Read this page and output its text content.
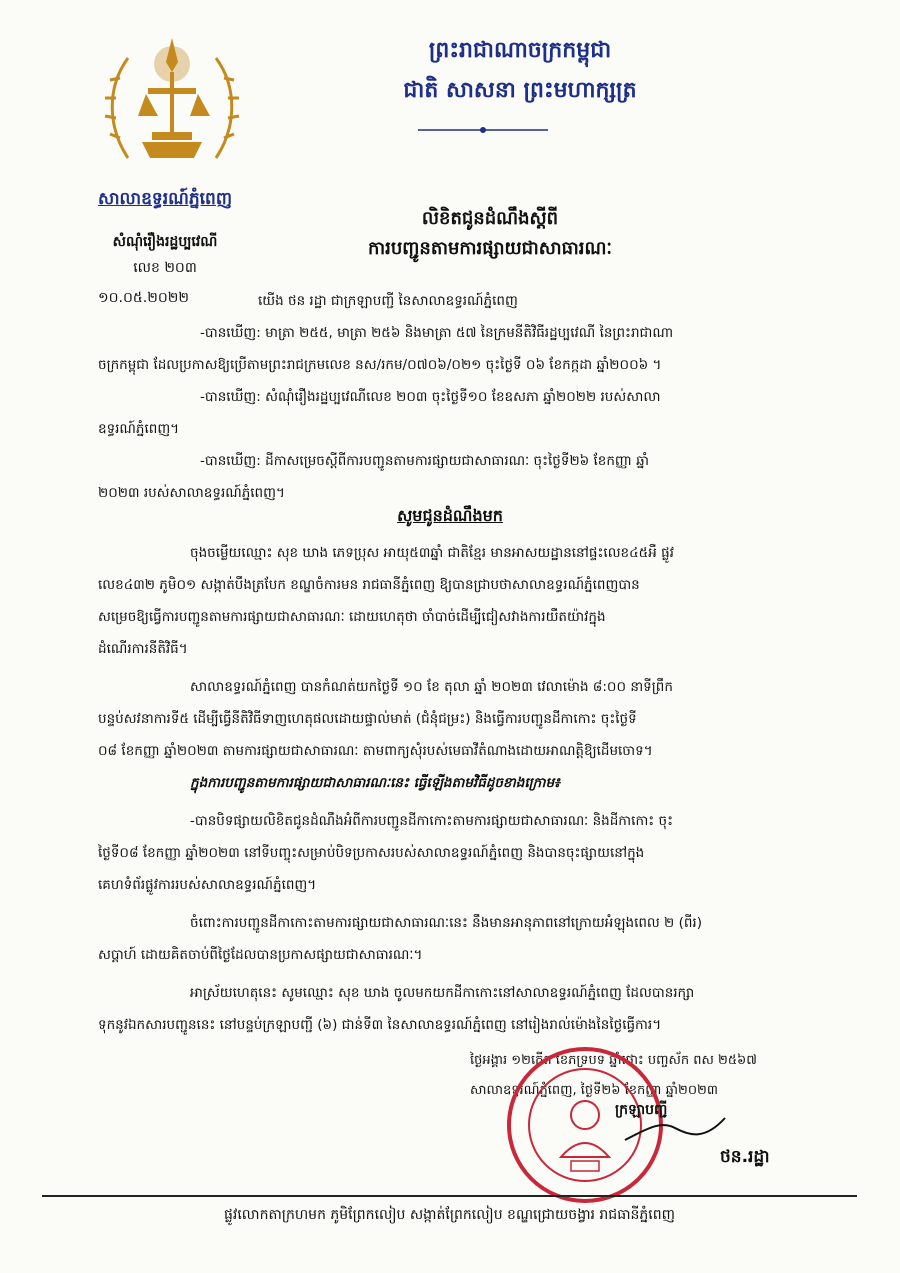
ព្រះរាជាណាចក្រកម្ពុជា
ជាតិ សាសនា ព្រះមហាក្សត្រ
សាលាឧទ្ធរណ៍ភ្នំពេញ
សំណុំរឿងរដ្ឋប្បវេណី
លេខ ២០៣
១០.០៥.២០២២
លិខិតជូនដំណឹងស្តីពី
ការបញ្ជូនតាមការផ្សាយជាសាធារណៈ
យើង ថន រដ្ឋា ជាក្រឡាបញ្ជី នៃសាលាឧទ្ធរណ៍ភ្នំពេញ
-បានឃើញ: មាត្រា ២៥៥, មាត្រា ២៥៦ និងមាត្រា ៥៧ នៃក្រមនីតិវិធីរដ្ឋប្បវេណី នៃព្រះរាជាណា
ចក្រកម្ពុជា ដែលប្រកាសឱ្យប្រើតាមព្រះរាជក្រមលេខ នស/រកម/០៧០៦/០២១ ចុះថ្ងៃទី ០៦ ខែកក្កដា ឆ្នាំ២០០៦ ។
-បានឃើញ: សំណុំរឿងរដ្ឋប្បវេណីលេខ ២០៣ ចុះថ្ងៃទី១០ ខែឧសភា ឆ្នាំ២០២២ របស់សាលា
ឧទ្ធរណ៍ភ្នំពេញ។
-បានឃើញ: ដីកាសម្រេចស្តីពីការបញ្ជូនតាមការផ្សាយជាសាធារណៈ ចុះថ្ងៃទី២៦ ខែកញ្ញា ឆ្នាំ
២០២៣ របស់សាលាឧទ្ធរណ៍ភ្នំពេញ។
សូមជូនដំណឹងមក
ចុងចម្លើយឈ្មោះ សុខ ឃាង ភេទប្រុស អាយុ៥៣ឆ្នាំ ជាតិខ្មែរ មានអាសយដ្ឋាននៅផ្ទះលេខ៤៥អឺ ផ្លូវ
លេខ៤៣២ ភូមិ០១ សង្កាត់បឹងត្របែក ខណ្ឌចំការមន រាជធានីភ្នំពេញ ឱ្យបានជ្រាបថាសាលាឧទ្ធរណ៍ភ្នំពេញបាន
សម្រេចឱ្យធ្វើការបញ្ជូនតាមការផ្សាយជាសាធារណៈ ដោយហេតុថា ចាំបាច់ដើម្បីជៀសវាងការយឺតយ៉ាវក្នុង
ដំណើរការនីតិវិធី។
សាលាឧទ្ធរណ៍ភ្នំពេញ បានកំណត់យកថ្ងៃទី ១០ ខែ តុលា ឆ្នាំ ២០២៣ វេលាម៉ោង ៨:០០ នាទីព្រឹក
បន្ទប់សវនាការទី៥ ដើម្បីធ្វើនីតិវិធីទាញហេតុផលដោយផ្ទាល់មាត់ (ជំនុំជម្រះ) និងធ្វើការបញ្ជូនដីកាកោះ ចុះថ្ងៃទី
០៨ ខែកញ្ញា ឆ្នាំ២០២៣ តាមការផ្សាយជាសាធារណៈ តាមពាក្យសុំរបស់មេធាវីតំណាងដោយអាណត្តិឱ្យដើមចោទ។
ក្នុងការបញ្ជូនតាមការផ្សាយជាសាធារណៈនេះ ធ្វើឡើងតាមវិធីដូចខាងក្រោម៖
-បានបិទផ្សាយលិខិតជូនដំណឹងអំពីការបញ្ជូនដីកាកោះតាមការផ្សាយជាសាធារណៈ និងដីកាកោះ ចុះ
ថ្ងៃទី០៨ ខែកញ្ញា ឆ្នាំ២០២៣ នៅទីបញ្ចុះសម្រាប់បិទប្រកាសរបស់សាលាឧទ្ធរណ៍ភ្នំពេញ និងបានចុះផ្សាយនៅក្នុង
គេហទំព័រផ្លូវការរបស់សាលាឧទ្ធរណ៍ភ្នំពេញ។
ចំពោះការបញ្ជូនដីកាកោះតាមការផ្សាយជាសាធារណៈនេះ នឹងមានអានុភាពនៅក្រោយអំឡុងពេល ២ (ពីរ)
សប្តាហ៍ ដោយគិតចាប់ពីថ្ងៃដែលបានប្រកាសផ្សាយជាសាធារណៈ។
អាស្រ័យហេតុនេះ សូមឈ្មោះ សុខ ឃាង ចូលមកយកដីកាកោះនៅសាលាឧទ្ធរណ៍ភ្នំពេញ ដែលបានរក្សា
ទុកនូវឯកសារបញ្ជូននេះ នៅបន្ទប់ក្រឡាបញ្ជី (៦) ជាន់ទី៣ នៃសាលាឧទ្ធរណ៍ភ្នំពេញ នៅរៀងរាល់ម៉ោងនៃថ្ងៃធ្វើការ។
ថ្ងៃអង្គារ ១២កើត ខែភទ្របទ ឆ្នាំថោះ បញ្ចស័ក ពស ២៥៦៧
សាលាឧទ្ធរណ៍ភ្នំពេញ, ថ្ងៃទី២៦ ខែកញ្ញា ឆ្នាំ២០២៣
ក្រឡាបញ្ជី
ថន.រដ្ឋា
ផ្លូវលោកតាក្រហមក ភូមិព្រែកលៀប សង្កាត់ព្រែកលៀប ខណ្ឌជ្រោយចង្វារ រាជធានីភ្នំពេញ
